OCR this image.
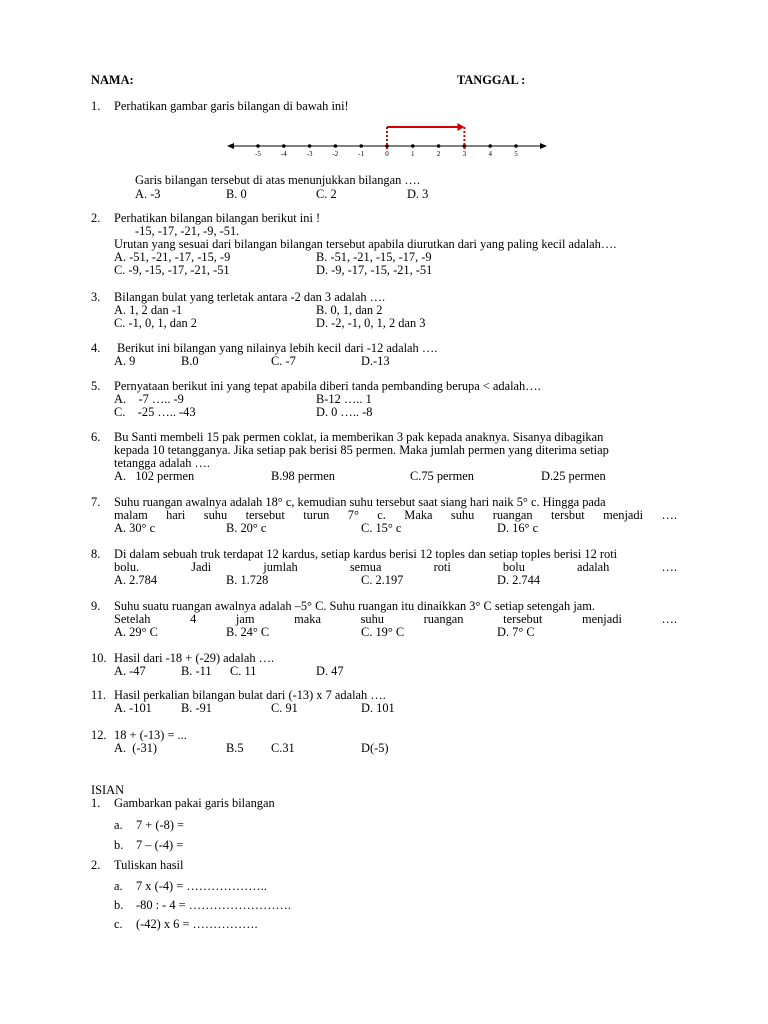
NAMA:	TANGGAL :
1. Perhatikan gambar garis bilangan di bawah ini!
-5	-4	-3	-2	-1	0	1	2	3	4	5
Garis bilangan tersebut di atas menunjukkan bilangan ….
A. -3	B. 0	C. 2	D. 3
2. Perhatikan bilangan bilangan berikut ini !
-15, -17, -21, -9, -51.
Urutan yang sesuai dari bilangan bilangan tersebut apabila diurutkan dari yang paling kecil adalah….
A. -51, -21, -17, -15, -9	B. -51, -21, -15, -17, -9
C. -9, -15, -17, -21, -51	D. -9, -17, -15, -21, -51
3. Bilangan bulat yang terletak antara -2 dan 3 adalah ….
A. 1, 2 dan -1	B. 0, 1, dan 2
C. -1, 0, 1, dan 2	D. -2, -1, 0, 1, 2 dan 3
4. Berikut ini bilangan yang nilainya lebih kecil dari -12 adalah ….
A. 9	B.0	C. -7	D.-13
5. Pernyataan berikut ini yang tepat apabila diberi tanda pembanding berupa < adalah….
A.    -7 ….. -9	B-12 ….. 1
C.    -25 ….. -43	D. 0 ….. -8
6. Bu Santi membeli 15 pak permen coklat, ia memberikan 3 pak kepada anaknya. Sisanya dibagikan
kepada 10 tetangganya. Jika setiap pak berisi 85 permen. Maka jumlah permen yang diterima setiap
tetangga adalah ….
A.   102 permen	B.98 permen	C.75 permen	D.25 permen
7. Suhu ruangan awalnya adalah 18° c, kemudian suhu tersebut saat siang hari naik 5° c. Hingga pada
malam hari suhu tersebut turun 7° c. Maka suhu ruangan tersbut menjadi ….
A. 30° c	B. 20° c	C. 15° c	D. 16° c
8. Di dalam sebuah truk terdapat 12 kardus, setiap kardus berisi 12 toples dan setiap toples berisi 12 roti
bolu.	Jadi	jumlah	semua	roti	bolu	adalah	….
A. 2.784	B. 1.728	C. 2.197	D. 2.744
9. Suhu suatu ruangan awalnya adalah –5° C. Suhu ruangan itu dinaikkan 3° C setiap setengah jam.
Setelah	4	jam	maka	suhu	ruangan	tersebut	menjadi	….
A. 29° C	B. 24° C	C. 19° C	D. 7° C
10. Hasil dari -18 + (-29) adalah ….
A. -47	B. -11 C. 11	D. 47
11. Hasil perkalian bilangan bulat dari (-13) x 7 adalah ….
A. -101 B. -91	C. 91	D. 101
12. 18 + (-13) = ...
A.  (-31)	B.5 C.31	D(-5)
ISIAN
1. Gambarkan pakai garis bilangan
a. 7 + (-8) =
b. 7 – (-4) =
2. Tuliskan hasil
a. 7 x (-4) = ………………..
b. -80 : - 4 = …………………….
c. (-42) x 6 = …………….
